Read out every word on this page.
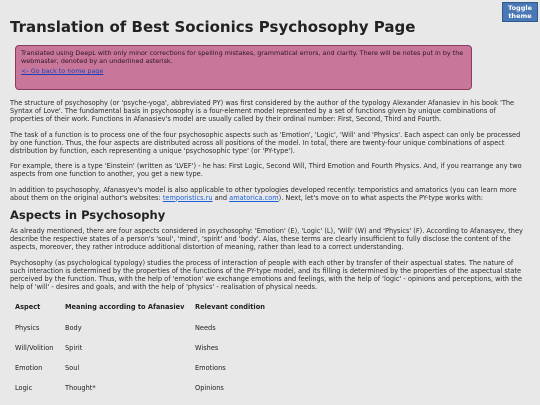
Toggle theme
Translation of Best Socionics Psychosophy Page
Translated using DeepL with only minor corrections for spelling mistakes, grammatical errors, and clarity. There will be notes put in by the webmaster, denoted by an underlined asterisk.
<- Go back to home page

The structure of psychosophy (or 'psyche-yoga', abbreviated PY) was first considered by the author of the typology Alexander Afanasiev in his book 'The Syntax of Love'. The fundamental basis in psychosophy is a four-element model represented by a set of functions given by unique combinations of properties of their work. Functions in Afanasiev's model are usually called by their ordinal number: First, Second, Third and Fourth.

The task of a function is to process one of the four psychosophic aspects such as 'Emotion', 'Logic', 'Will' and 'Physics'. Each aspect can only be processed by one function. Thus, the four aspects are distributed across all positions of the model. In total, there are twenty-four unique combinations of aspect distribution by function, each representing a unique 'psychosophic type' (or 'PY-type').

For example, there is a type 'Einstein' (written as 'LVEF') - he has: First Logic, Second Will, Third Emotion and Fourth Physics. And, if you rearrange any two aspects from one function to another, you get a new type.

In addition to psychosophy, Afanasyev's model is also applicable to other typologies developed recently: temporistics and amatorics (you can learn more about them on the original author's websites: temporistics.ru and amatorica.com). Next, let's move on to what aspects the PY-type works with:

Aspects in Psychosophy

As already mentioned, there are four aspects considered in psychosophy: 'Emotion' (E), 'Logic' (L), 'Will' (W) and 'Physics' (F). According to Afanasyev, they describe the respective states of a person's 'soul', 'mind', 'spirit' and 'body'. Alas, these terms are clearly insufficient to fully disclose the content of the aspects, moreover, they rather introduce additional distortion of meaning, rather than lead to a correct understanding.

Psychosophy (as psychological typology) studies the process of interaction of people with each other by transfer of their aspectual states. The nature of such interaction is determined by the properties of the functions of the PY-type model, and its filling is determined by the properties of the aspectual state perceived by the function. Thus, with the help of 'emotion' we exchange emotions and feelings, with the help of 'logic' - opinions and perceptions, with the help of 'will' - desires and goals, and with the help of 'physics' - realisation of physical needs.

Aspect	Meaning according to Afanasiev	Relevant condition
Physics	Body	Needs
Will/Volition	Spirit	Wishes
Emotion	Soul	Emotions
Logic	Thought*	Opinions
